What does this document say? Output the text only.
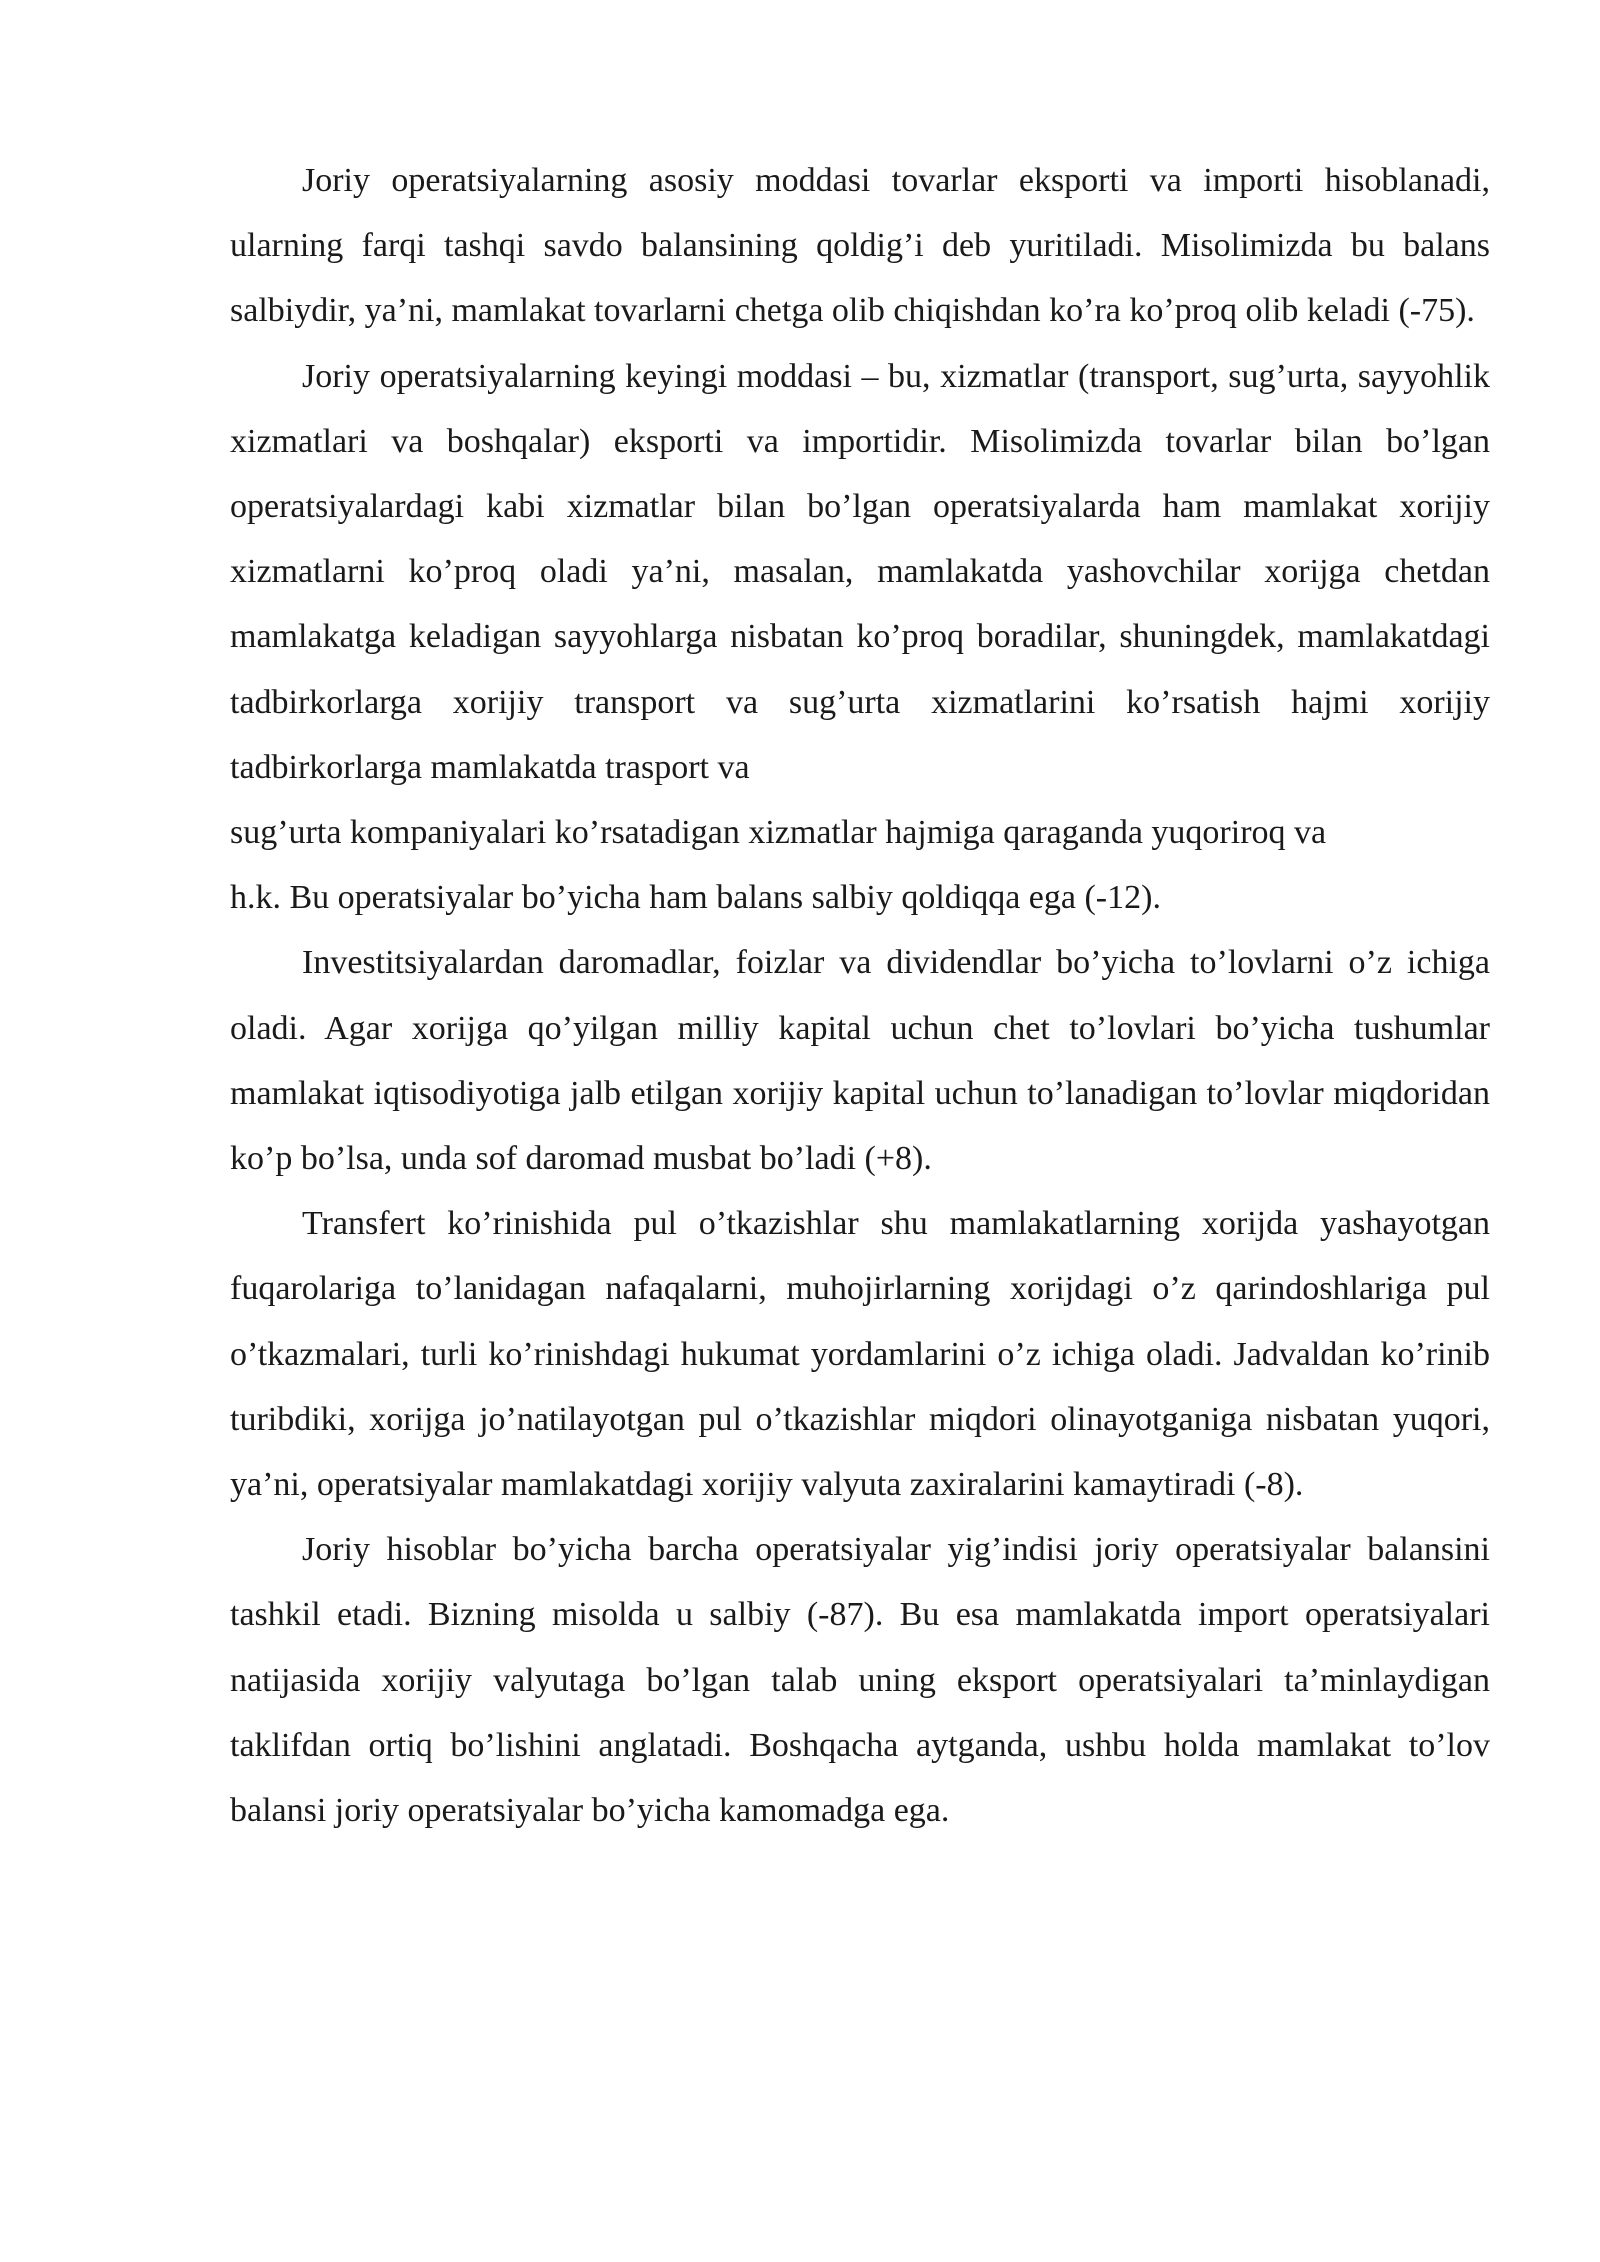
Joriy operatsiyalarning asosiy moddasi tovarlar eksporti va importi hisoblanadi, ularning farqi tashqi savdo balansining qoldig’i deb yuritiladi. Misolimizda bu balans salbiydir, ya’ni, mamlakat tovarlarni chetga olib chiqishdan ko’ra ko’proq olib keladi (-75).

Joriy operatsiyalarning keyingi moddasi – bu, xizmatlar (transport, sug’urta, sayyohlik xizmatlari va boshqalar) eksporti va importidir. Misolimizda tovarlar bilan bo’lgan operatsiyalardagi kabi xizmatlar bilan bo’lgan operatsiyalarda ham mamlakat xorijiy xizmatlarni ko’proq oladi ya’ni, masalan, mamlakatda yashovchilar xorijga chetdan mamlakatga keladigan sayyohlarga nisbatan ko’proq boradilar, shuningdek, mamlakatdagi tadbirkorlarga xorijiy transport va sug’urta xizmatlarini ko’rsatish hajmi xorijiy tadbirkorlarga mamlakatda trasport va
sug’urta kompaniyalari ko’rsatadigan xizmatlar hajmiga qaraganda yuqoriroq va
h.k. Bu operatsiyalar bo’yicha ham balans salbiy qoldiqqa ega (-12).

Investitsiyalardan daromadlar, foizlar va dividendlar bo’yicha to’lovlarni o’z ichiga oladi. Agar xorijga qo’yilgan milliy kapital uchun chet to’lovlari bo’yicha tushumlar mamlakat iqtisodiyotiga jalb etilgan xorijiy kapital uchun to’lanadigan to’lovlar miqdoridan ko’p bo’lsa, unda sof daromad musbat bo’ladi (+8).

Transfert ko’rinishida pul o’tkazishlar shu mamlakatlarning xorijda yashayotgan fuqarolariga to’lanidagan nafaqalarni, muhojirlarning xorijdagi o’z qarindoshlariga pul o’tkazmalari, turli ko’rinishdagi hukumat yordamlarini o’z ichiga oladi. Jadvaldan ko’rinib turibdiki, xorijga jo’natilayotgan pul o’tkazishlar miqdori olinayotganiga nisbatan yuqori, ya’ni, operatsiyalar mamlakatdagi xorijiy valyuta zaxiralarini kamaytiradi (-8).

Joriy hisoblar bo’yicha barcha operatsiyalar yig’indisi joriy operatsiyalar balansini tashkil etadi. Bizning misolda u salbiy (-87). Bu esa mamlakatda import operatsiyalari natijasida xorijiy valyutaga bo’lgan talab uning eksport operatsiyalari ta’minlaydigan taklifdan ortiq bo’lishini anglatadi. Boshqacha aytganda, ushbu holda mamlakat to’lov balansi joriy operatsiyalar bo’yicha kamomadga ega.
